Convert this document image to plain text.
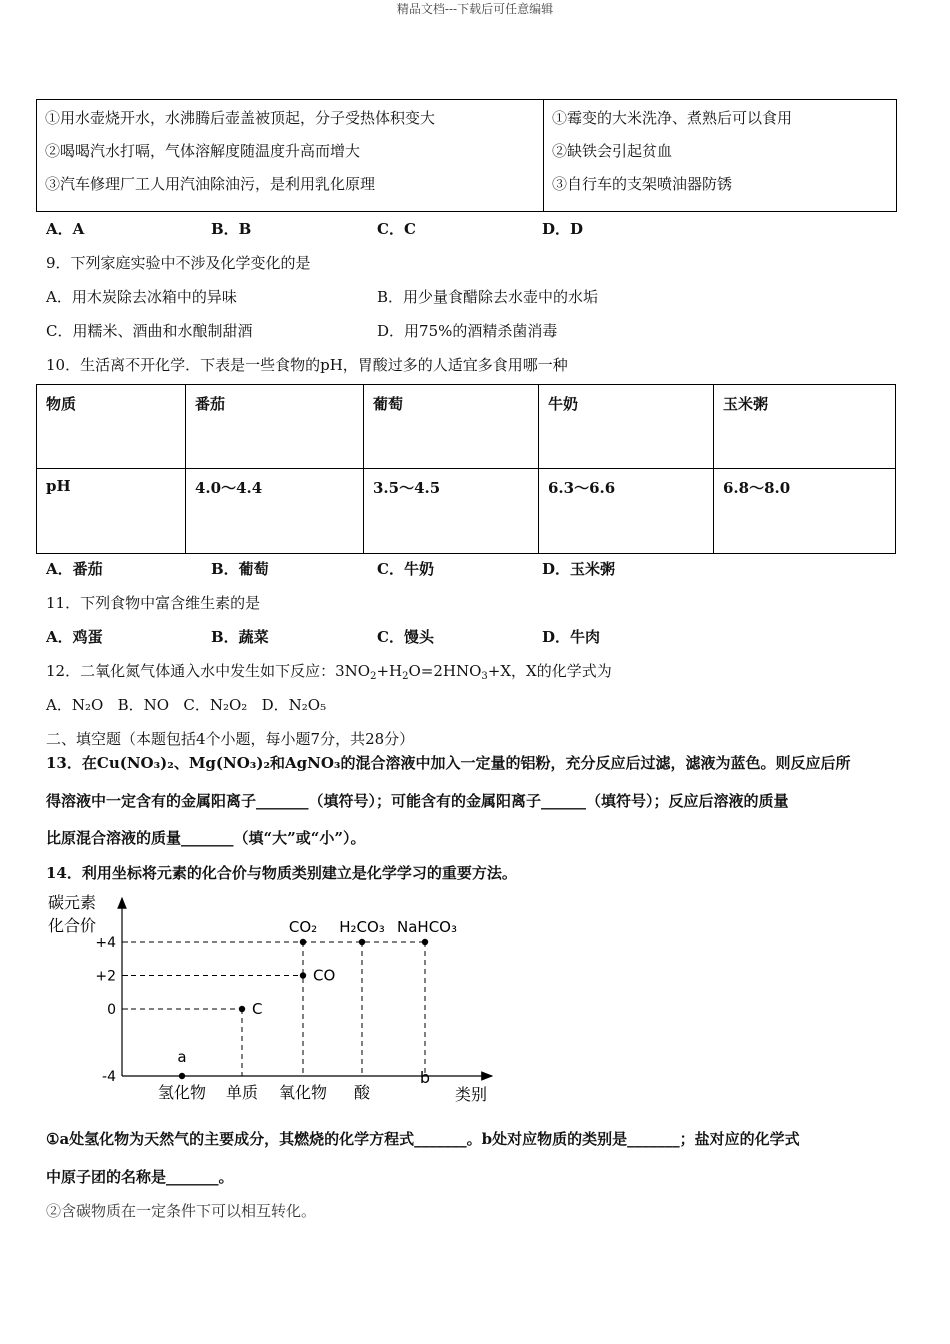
精品文档---下载后可任意编辑
①用水壶烧开水，水沸腾后壶盖被顶起，分子受热体积变大
②喝喝汽水打嗝，气体溶解度随温度升高而增大
③汽车修理厂工人用汽油除油污，是利用乳化原理

①霉变的大米洗净、煮熟后可以食用
②缺铁会引起贫血
③自行车的支架喷油器防锈
A．A	B．B	C．C	D．D
9．下列家庭实验中不涉及化学变化的是
A．用木炭除去冰箱中的异味	B．用少量食醋除去水壶中的水垢
C．用糯米、酒曲和水酿制甜酒	D．用75%的酒精杀菌消毒
10．生活离不开化学．下表是一些食物的pH，胃酸过多的人适宜多食用哪一种
物质	番茄	葡萄	牛奶	玉米粥
pH	4.0～4.4	3.5～4.5	6.3～6.6	6.8～8.0
A．番茄	B．葡萄	C．牛奶	D．玉米粥
11．下列食物中富含维生素的是
A．鸡蛋	B．蔬菜	C．馒头	D．牛肉
12．二氧化氮气体通入水中发生如下反应：$3NO_2+H_2O=2HNO_3+X$，X的化学式为
A．N₂O B．NO C．N₂O₂ D．N₂O₅
二、填空题（本题包括4个小题，每小题7分，共28分）
13．在Cu(NO₃)₂、Mg(NO₃)₂和AgNO₃的混合溶液中加入一定量的铝粉，充分反应后过滤，滤液为蓝色。则反应后所
得溶液中一定含有的金属阳离子_______（填符号）；可能含有的金属阳离子______（填符号）；反应后溶液的质量
比原混合溶液的质量_______（填“大”或“小”）。
14．利用坐标将元素的化合价与物质类别建立是化学学习的重要方法。
碳元素
化合价
+4
+2
0
-4
氢化物 单质 氧化物 酸
b
a
C
CO
CO₂ H₂CO₃ NaHCO₃
类别
①a处氢化物为天然气的主要成分，其燃烧的化学方程式_______。b处对应物质的类别是_______；盐对应的化学式
中原子团的名称是_______。
②含碳物质在一定条件下可以相互转化。
